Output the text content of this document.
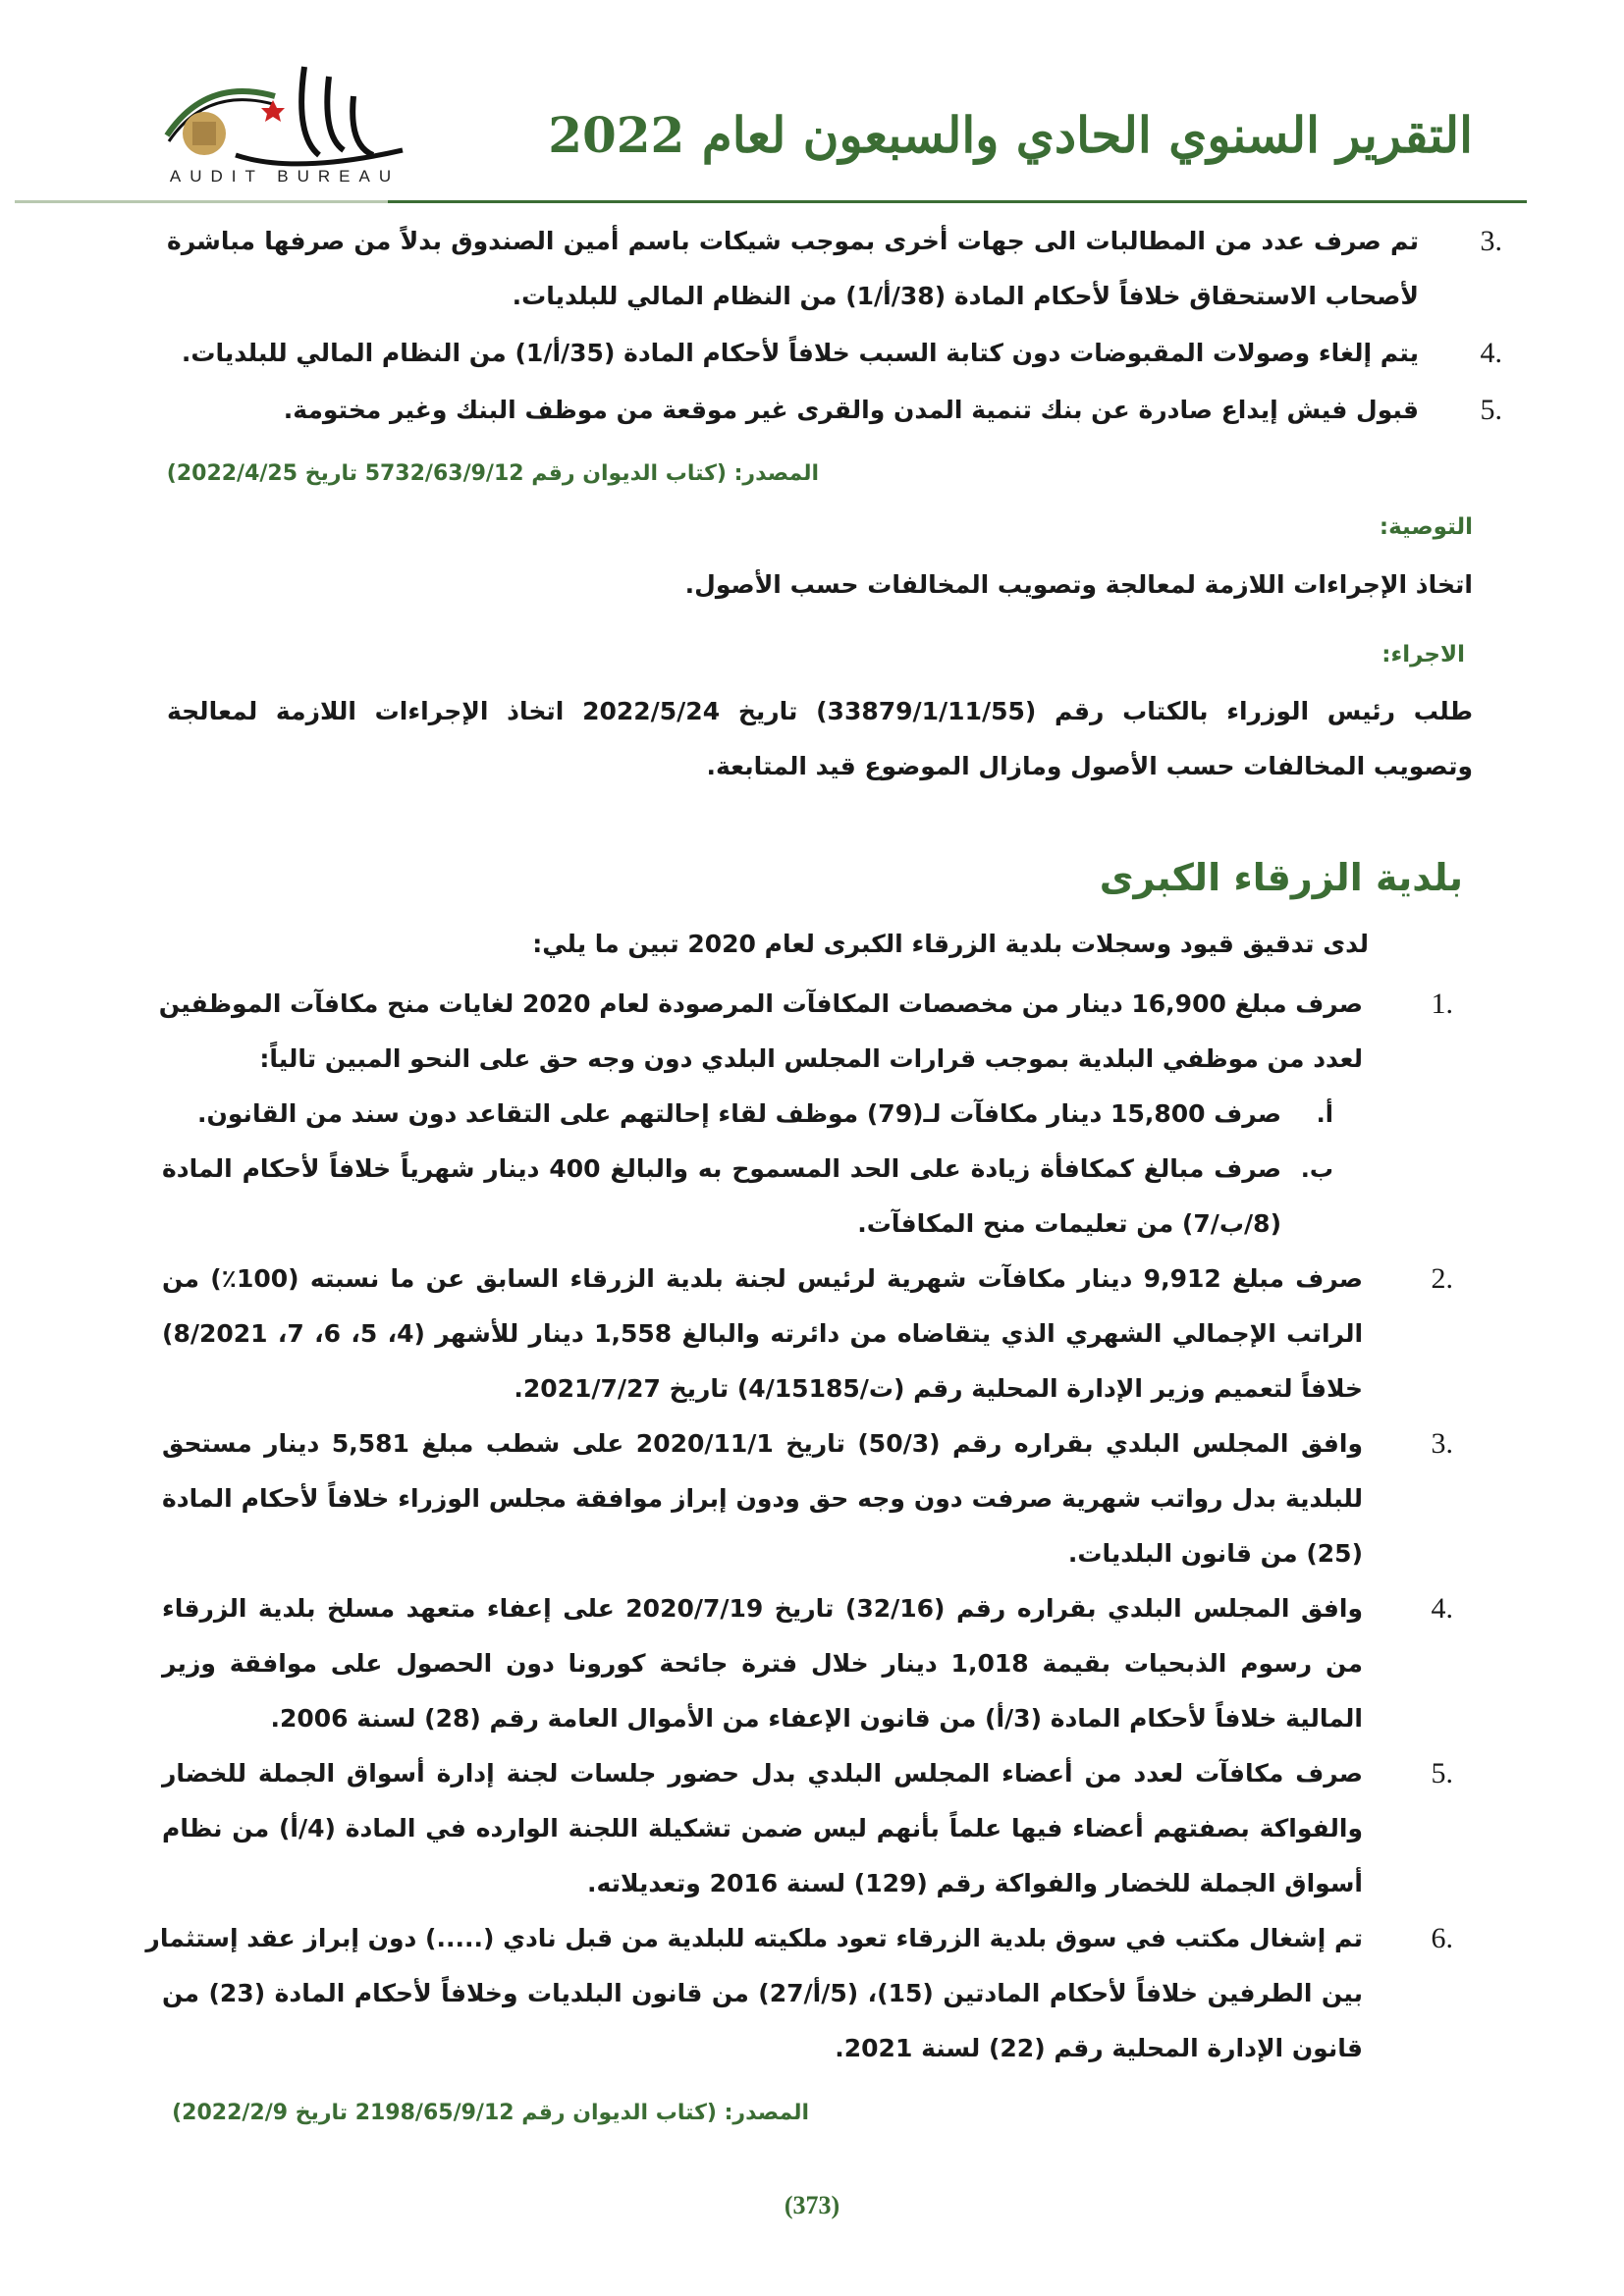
التقرير السنوي الحادي والسبعون لعام 2022
AUDIT BUREAU
.3
تم صرف عدد من المطالبات الى جهات أخرى بموجب شيكات باسم أمين الصندوق بدلاً من صرفها مباشرة
لأصحاب الاستحقاق خلافاً لأحكام المادة (38/أ/1) من النظام المالي للبلديات.
.4
يتم إلغاء وصولات المقبوضات دون كتابة السبب خلافاً لأحكام المادة (35/أ/1) من النظام المالي للبلديات.
.5
قبول فيش إيداع صادرة عن بنك تنمية المدن والقرى غير موقعة من موظف البنك وغير مختومة.
المصدر: (كتاب الديوان رقم 5732/63/9/12 تاريخ 2022/4/25)
التوصية:
اتخاذ الإجراءات اللازمة لمعالجة وتصويب المخالفات حسب الأصول.
الاجراء:
طلب رئيس الوزراء بالكتاب رقم (33879/1/11/55) تاريخ 2022/5/24 اتخاذ الإجراءات اللازمة لمعالجة
وتصويب المخالفات حسب الأصول ومازال الموضوع قيد المتابعة.
بلدية الزرقاء الكبرى
لدى تدقيق قيود وسجلات بلدية الزرقاء الكبرى لعام 2020 تبين ما يلي:
.1
صرف مبلغ 16,900 دينار من مخصصات المكافآت المرصودة لعام 2020 لغايات منح مكافآت الموظفين
لعدد من موظفي البلدية بموجب قرارات المجلس البلدي دون وجه حق على النحو المبين تالياً:
أ.
صرف 15,800 دينار مكافآت لـ(79) موظف لقاء إحالتهم على التقاعد دون سند من القانون.
ب.
صرف مبالغ كمكافأة زيادة على الحد المسموح به والبالغ 400 دينار شهرياً خلافاً لأحكام المادة
(8/ب/7) من تعليمات منح المكافآت.
.2
صرف مبلغ 9,912 دينار مكافآت شهرية لرئيس لجنة بلدية الزرقاء السابق عن ما نسبته (100٪) من
الراتب الإجمالي الشهري الذي يتقاضاه من دائرته والبالغ 1,558 دينار للأشهر (4، 5، 6، 7، 8/2021)
خلافاً لتعميم وزير الإدارة المحلية رقم (ت/4/15185) تاريخ 2021/7/27.
.3
وافق المجلس البلدي بقراره رقم (50/3) تاريخ 2020/11/1 على شطب مبلغ 5,581 دينار مستحق
للبلدية بدل رواتب شهرية صرفت دون وجه حق ودون إبراز موافقة مجلس الوزراء خلافاً لأحكام المادة
(25) من قانون البلديات.
.4
وافق المجلس البلدي بقراره رقم (32/16) تاريخ 2020/7/19 على إعفاء متعهد مسلخ بلدية الزرقاء
من رسوم الذبحيات بقيمة 1,018 دينار خلال فترة جائحة كورونا دون الحصول على موافقة وزير
المالية خلافاً لأحكام المادة (3/أ) من قانون الإعفاء من الأموال العامة رقم (28) لسنة 2006.
.5
صرف مكافآت لعدد من أعضاء المجلس البلدي بدل حضور جلسات لجنة إدارة أسواق الجملة للخضار
والفواكة بصفتهم أعضاء فيها علماً بأنهم ليس ضمن تشكيلة اللجنة الوارده في المادة (4/أ) من نظام
أسواق الجملة للخضار والفواكة رقم (129) لسنة 2016 وتعديلاته.
.6
تم إشغال مكتب في سوق بلدية الزرقاء تعود ملكيته للبلدية من قبل نادي (.....) دون إبراز عقد إستثمار
بين الطرفين خلافاً لأحكام المادتين (15)، (5/أ/27) من قانون البلديات وخلافاً لأحكام المادة (23) من
قانون الإدارة المحلية رقم (22) لسنة 2021.
المصدر: (كتاب الديوان رقم 2198/65/9/12 تاريخ 2022/2/9)
(373)
